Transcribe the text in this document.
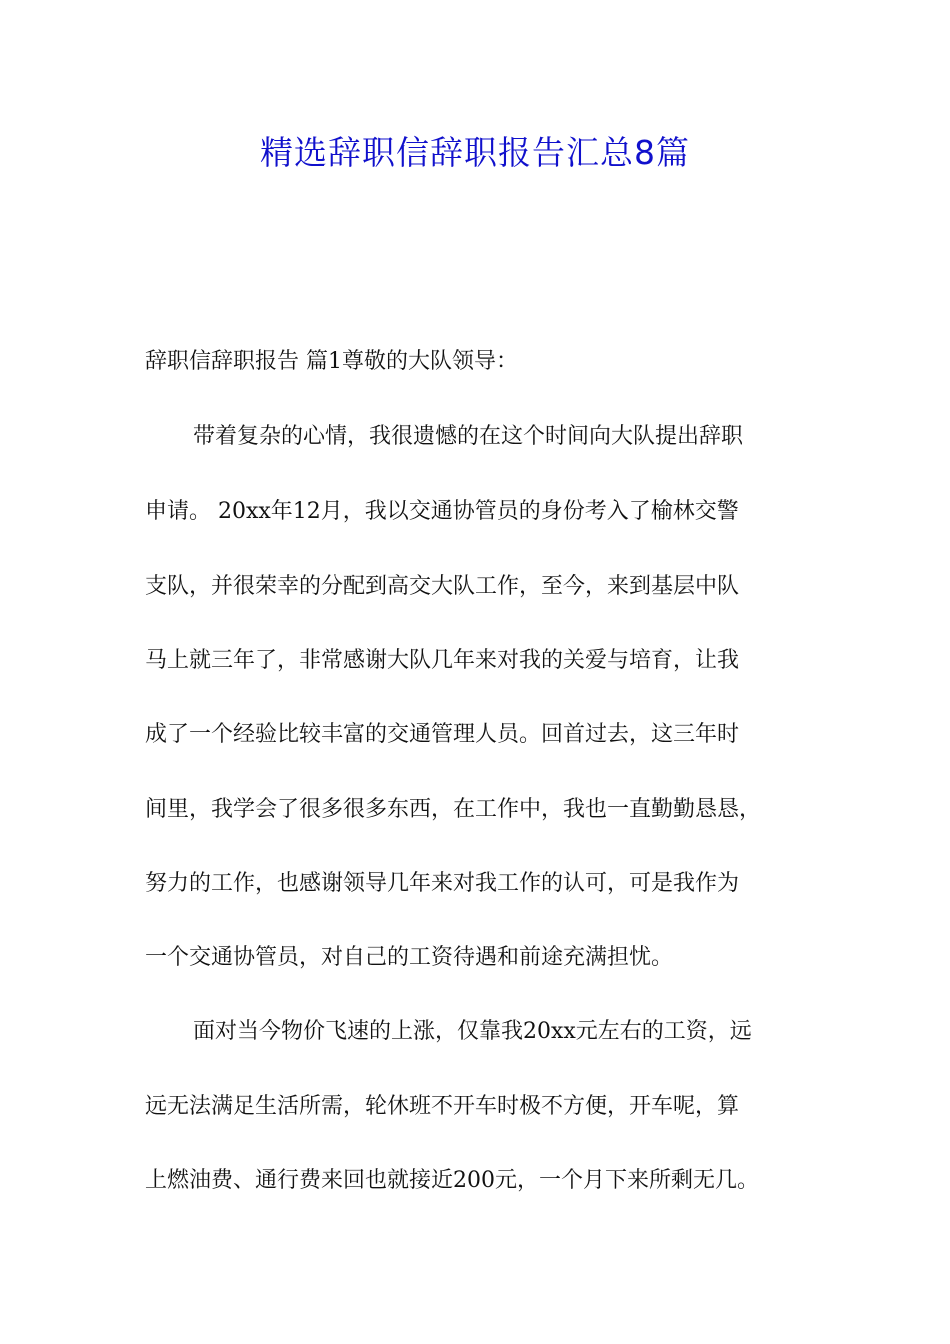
精选辞职信辞职报告汇总8篇
辞职信辞职报告 篇1尊敬的大队领导：
带着复杂的心情，我很遗憾的在这个时间向大队提出辞职
申请。 20xx年12月，我以交通协管员的身份考入了榆林交警
支队，并很荣幸的分配到高交大队工作，至今，来到基层中队
马上就三年了，非常感谢大队几年来对我的关爱与培育，让我
成了一个经验比较丰富的交通管理人员。回首过去，这三年时
间里，我学会了很多很多东西，在工作中，我也一直勤勤恳恳，
努力的工作，也感谢领导几年来对我工作的认可，可是我作为
一个交通协管员，对自己的工资待遇和前途充满担忧。
面对当今物价飞速的上涨，仅靠我20xx元左右的工资，远
远无法满足生活所需，轮休班不开车时极不方便，开车呢，算
上燃油费、通行费来回也就接近200元，一个月下来所剩无几。
